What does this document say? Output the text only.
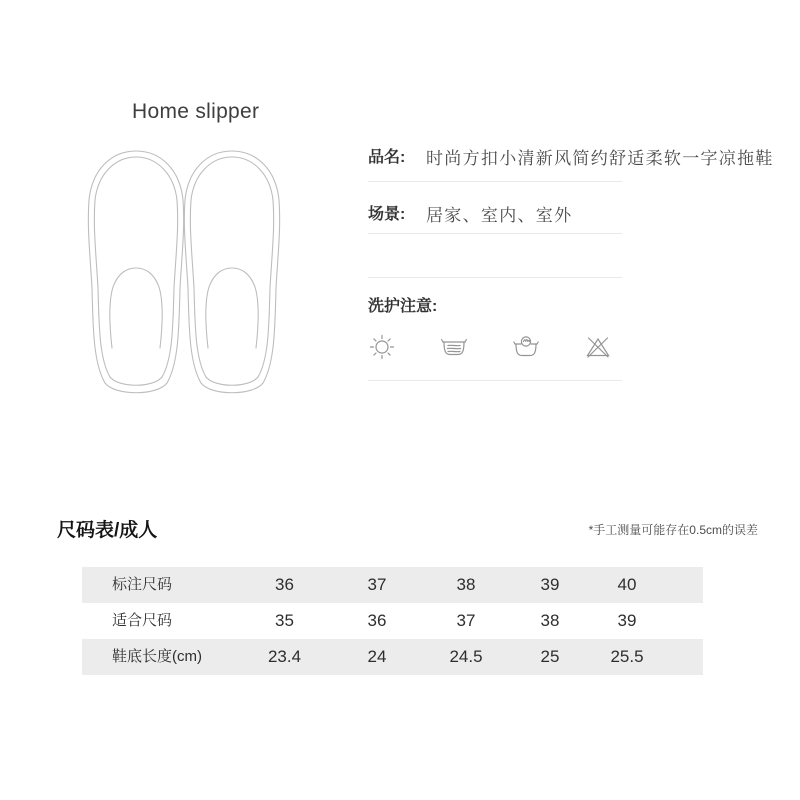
Home slipper
品名:	时尚方扣小清新风简约舒适柔软一字凉拖鞋
场景:	居家、室内、室外
洗护注意:
尺码表/成人	*手工测量可能存在0.5cm的误差
标注尺码	36	37	38	39	40
适合尺码	35	36	37	38	39
鞋底长度(cm)	23.4	24	24.5	25	25.5
